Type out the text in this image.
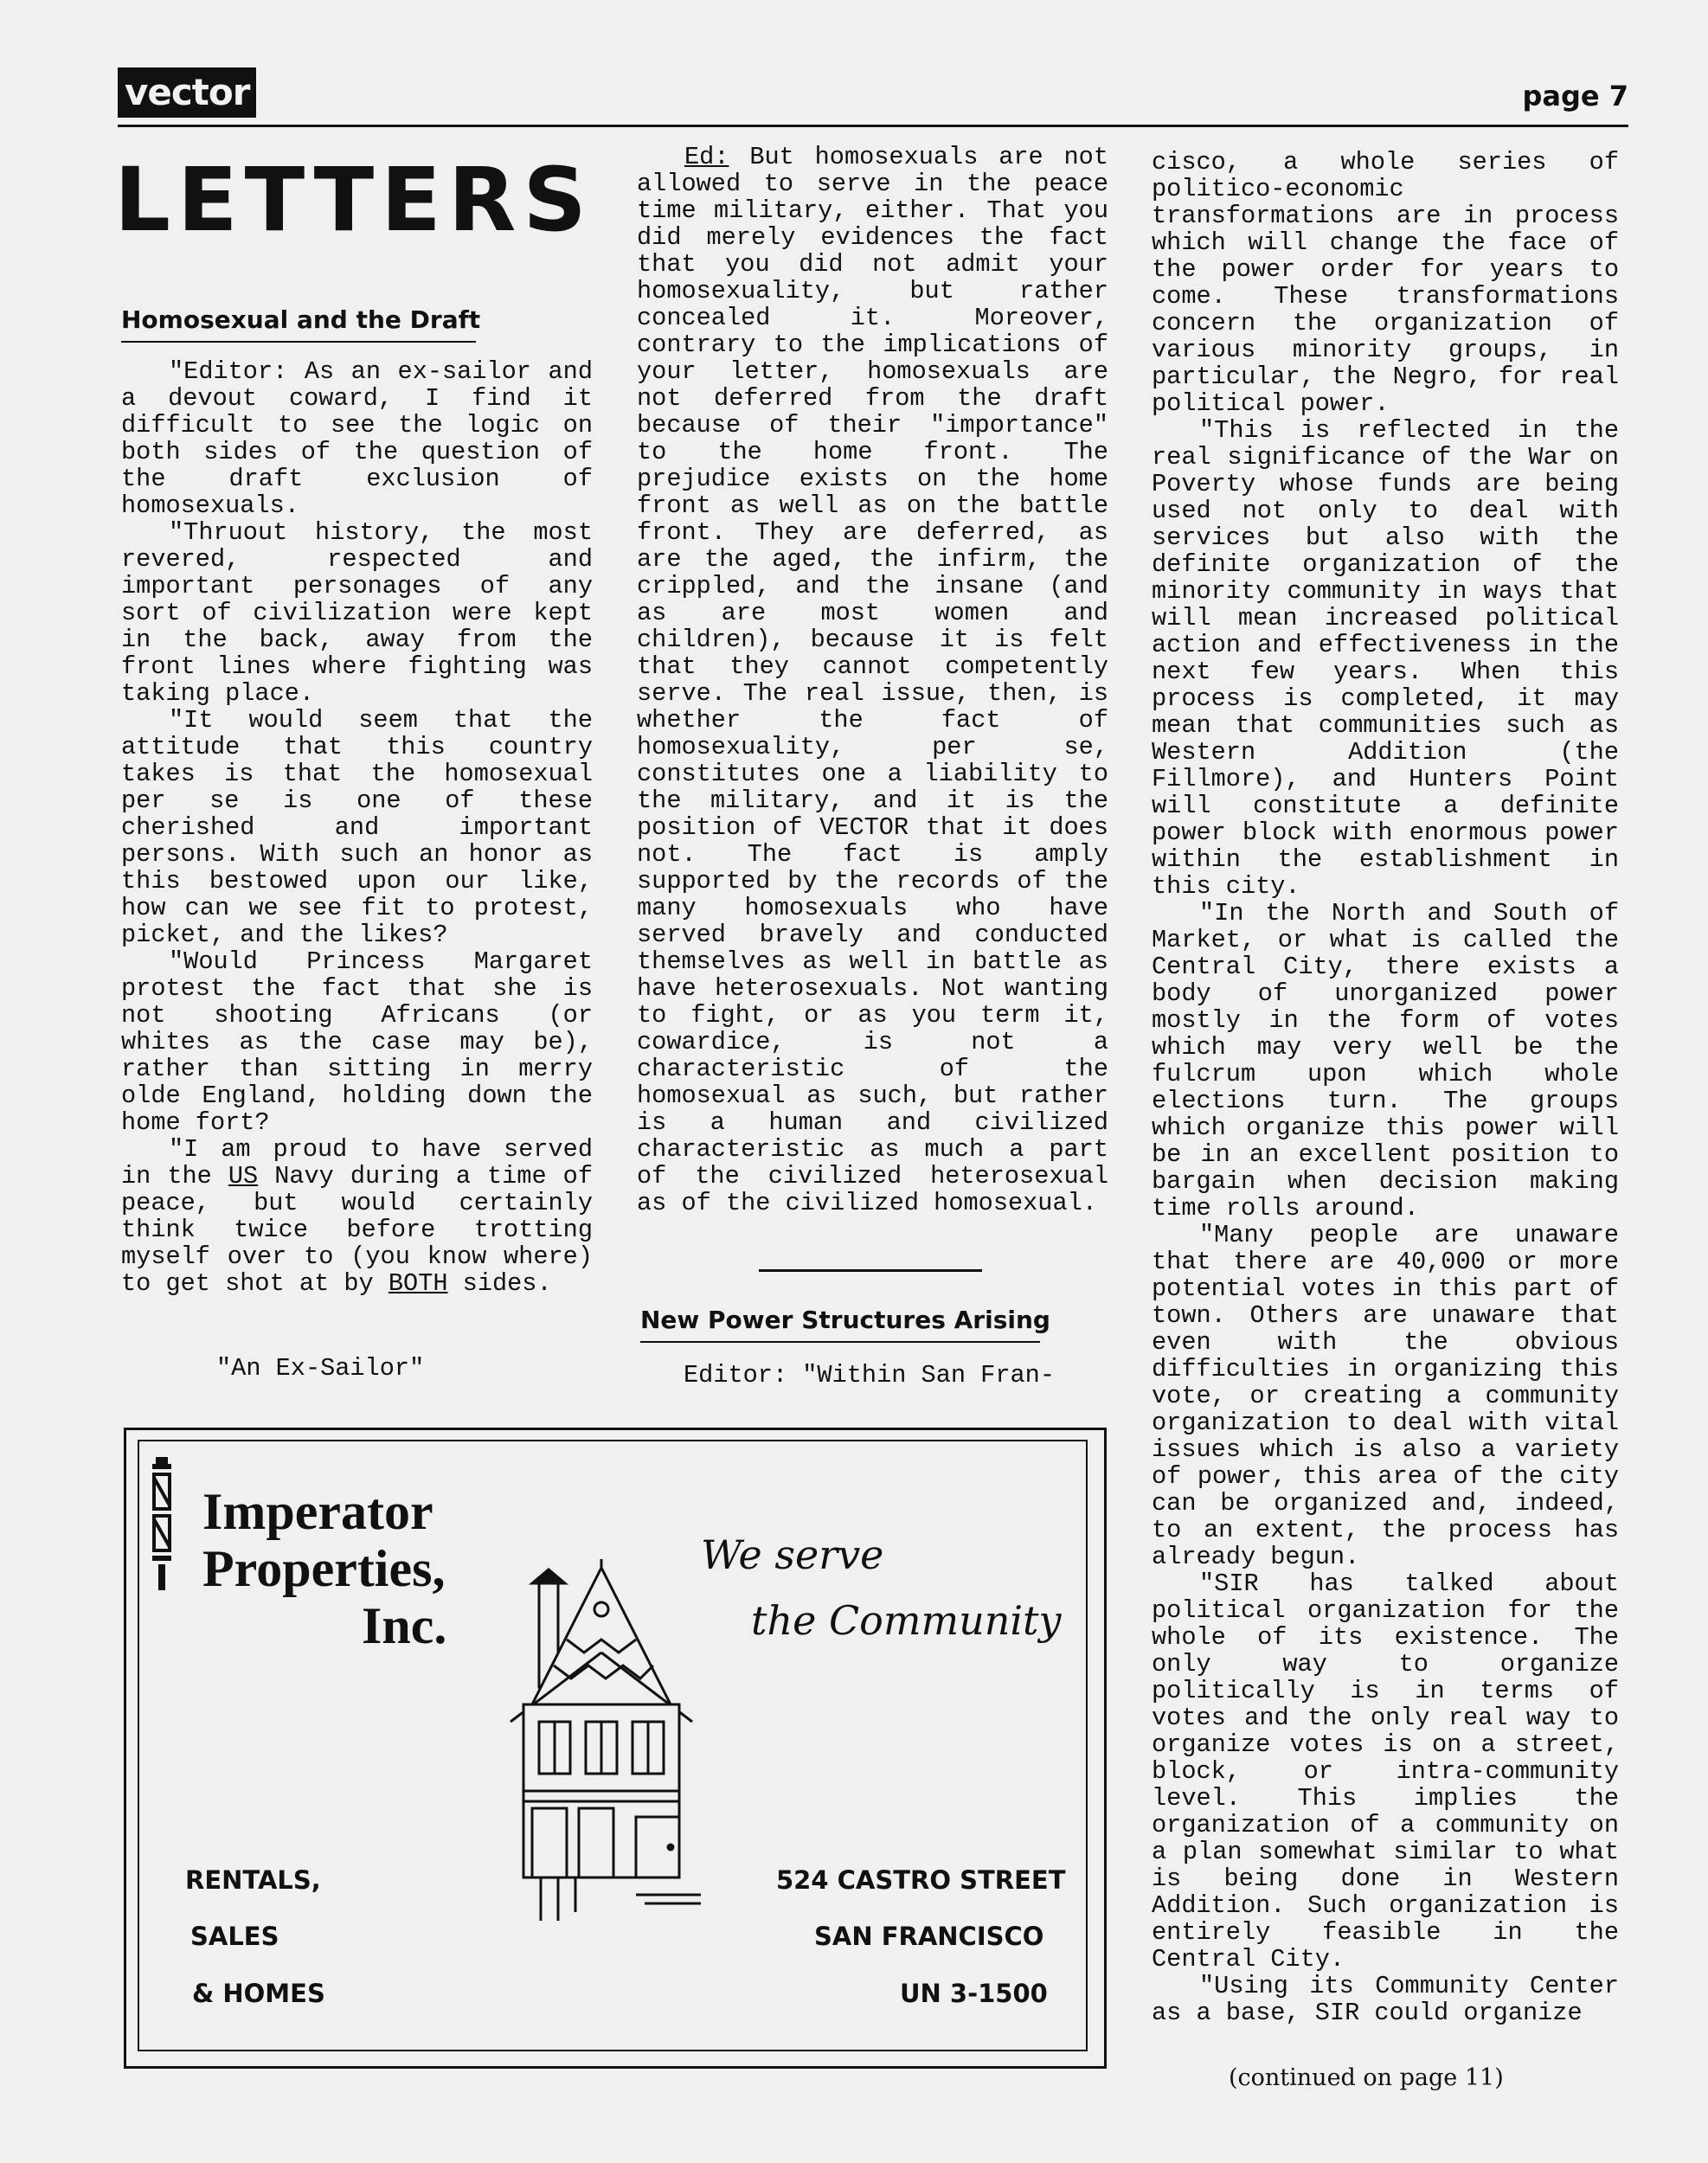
vector	page 7
LETTERS
Homosexual and the Draft

"Editor: As an ex-sailor and a devout coward, I find it difficult to see the logic on both sides of the question of the draft exclusion of homosexuals.

"Thruout history, the most revered, respected and important personages of any sort of civilization were kept in the back, away from the front lines where fighting was taking place.

"It would seem that the attitude that this country takes is that the homosexual per se is one of these cherished and important persons. With such an honor as this bestowed upon our like, how can we see fit to protest, picket, and the likes?

"Would Princess Margaret protest the fact that she is not shooting Africans (or whites as the case may be), rather than sitting in merry olde England, holding down the home fort?

"I am proud to have served in the US Navy during a time of peace, but would certainly think twice before trotting myself over to (you know where) to get shot at by BOTH sides.

"An Ex-Sailor"

Ed: But homosexuals are not allowed to serve in the peace time military, either. That you did merely evidences the fact that you did not admit your homosexuality, but rather concealed it. Moreover, contrary to the implications of your letter, homosexuals are not deferred from the draft because of their "importance" to the home front. The prejudice exists on the home front as well as on the battle front. They are deferred, as are the aged, the infirm, the crippled, and the insane (and as are most women and children), because it is felt that they cannot competently serve. The real issue, then, is whether the fact of homosexuality, per se, constitutes one a liability to the military, and it is the position of VECTOR that it does not. The fact is amply supported by the records of the many homosexuals who have served bravely and conducted themselves as well in battle as have heterosexuals. Not wanting to fight, or as you term it, cowardice, is not a characteristic of the homosexual as such, but rather is a human and civilized characteristic as much a part of the civilized heterosexual as of the civilized homosexual.

New Power Structures Arising
Editor: "Within San Fran-

cisco, a whole series of politico-economic transformations are in process which will change the face of the power order for years to come. These transformations concern the organization of various minority groups, in particular, the Negro, for real political power.

"This is reflected in the real significance of the War on Poverty whose funds are being used not only to deal with services but also with the definite organization of the minority community in ways that will mean increased political action and effectiveness in the next few years. When this process is completed, it may mean that communities such as Western Addition (the Fillmore), and Hunters Point will constitute a definite power block with enormous power within the establishment in this city.

"In the North and South of Market, or what is called the Central City, there exists a body of unorganized power mostly in the form of votes which may very well be the fulcrum upon which whole elections turn. The groups which organize this power will be in an excellent position to bargain when decision making time rolls around.

"Many people are unaware that there are 40,000 or more potential votes in this part of town. Others are unaware that even with the obvious difficulties in organizing this vote, or creating a community organization to deal with vital issues which is also a variety of power, this area of the city can be organized and, indeed, to an extent, the process has already begun.

"SIR has talked about political organization for the whole of its existence. The only way to organize politically is in terms of votes and the only real way to organize votes is on a street, block, or intra-community level. This implies the organization of a community on a plan somewhat similar to what is being done in Western Addition. Such organization is entirely feasible in the Central City.

"Using its Community Center as a base, SIR could organize

(continued on page 11)
Imperator
Properties,
Inc.
We serve
the Community
RENTALS,
SALES
& HOMES
524 CASTRO STREET
SAN FRANCISCO
UN 3-1500
